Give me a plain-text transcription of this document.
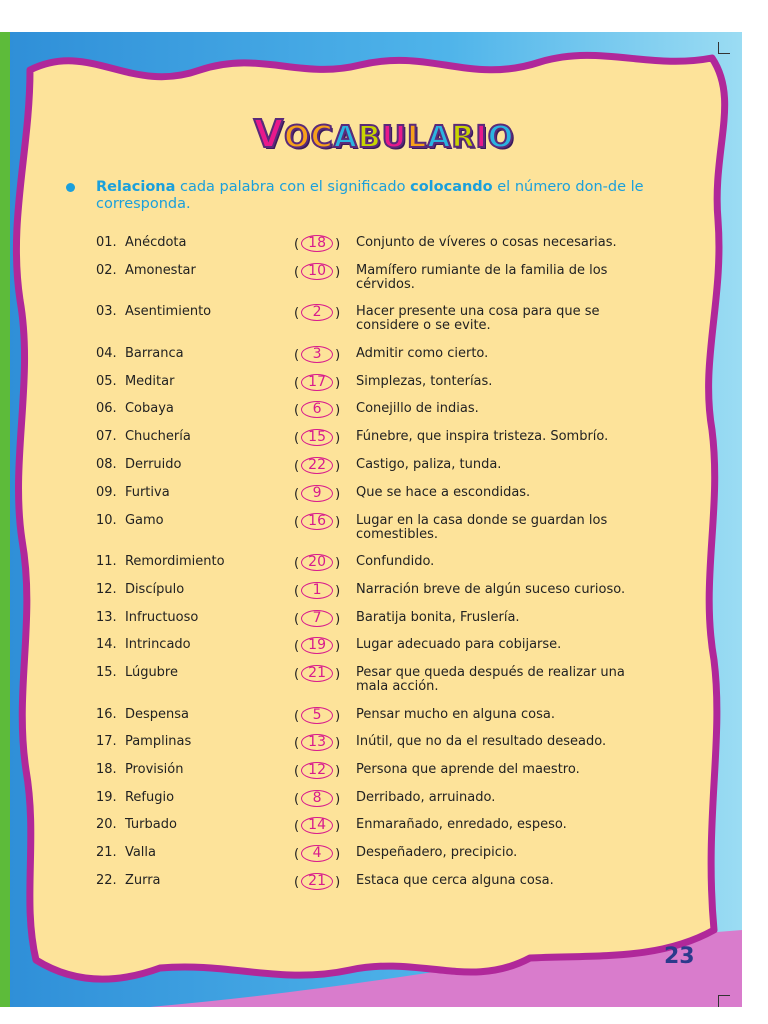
VOCABULARIO
Relaciona cada palabra con el significado colocando el número don-de le corresponda.
01.  Anécdota	( 18 ) Conjunto de víveres o cosas necesarias.
02.  Amonestar	( 10 ) Mamífero rumiante de la familia de los cérvidos.
03.  Asentimiento	( 2 ) Hacer presente una cosa para que se considere o se evite.
04.  Barranca	( 3 ) Admitir como cierto.
05.  Meditar	( 17 ) Simplezas, tonterías.
06.  Cobaya	( 6 ) Conejillo de indias.
07.  Chuchería	( 15 ) Fúnebre, que inspira tristeza. Sombrío.
08.  Derruido	( 22 ) Castigo, paliza, tunda.
09.  Furtiva	( 9 ) Que se hace a escondidas.
10.  Gamo	( 16 ) Lugar en la casa donde se guardan los comestibles.
11.  Remordimiento	( 20 ) Confundido.
12.  Discípulo	( 1 ) Narración breve de algún suceso curioso.
13.  Infructuoso	( 7 ) Baratija bonita, Fruslería.
14.  Intrincado	( 19 ) Lugar adecuado para cobijarse.
15.  Lúgubre	( 21 ) Pesar que queda después de realizar una mala acción.
16.  Despensa	( 5 ) Pensar mucho en alguna cosa.
17.  Pamplinas	( 13 ) Inútil, que no da el resultado deseado.
18.  Provisión	( 12 ) Persona que aprende del maestro.
19.  Refugio	( 8 ) Derribado, arruinado.
20.  Turbado	( 14 ) Enmarañado, enredado, espeso.
21.  Valla	( 4 ) Despeñadero, precipicio.
22.  Zurra	( 21 ) Estaca que cerca alguna cosa.
23
